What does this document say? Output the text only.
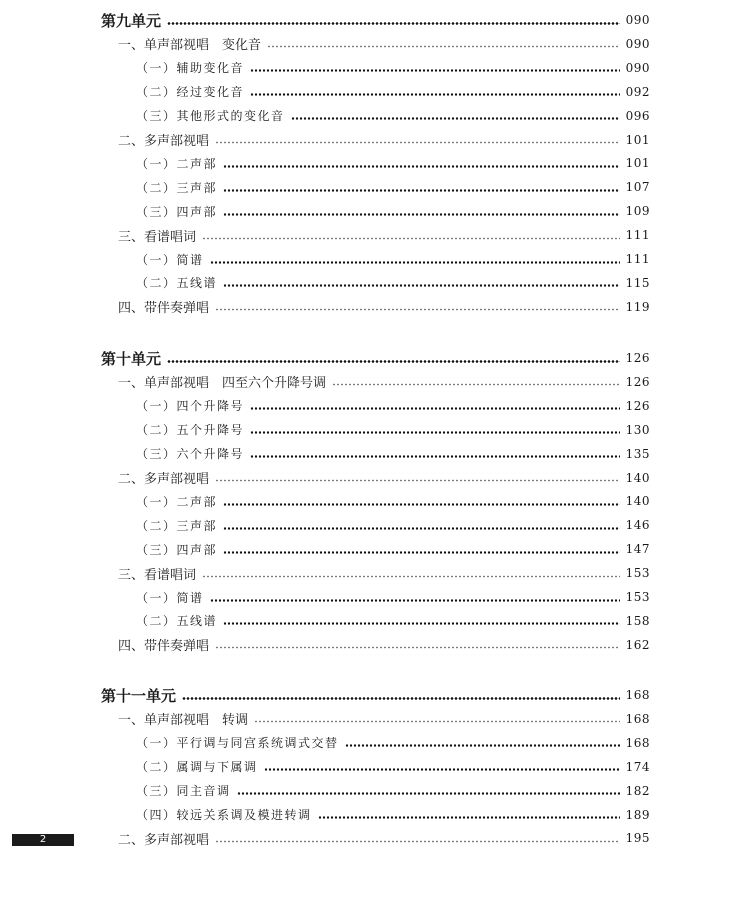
第九单元	090
一、单声部视唱　变化音	090
（一）辅助变化音	090
（二）经过变化音	092
（三）其他形式的变化音	096
二、多声部视唱	101
（一）二声部	101
（二）三声部	107
（三）四声部	109
三、看谱唱词	111
（一）简谱	111
（二）五线谱	115
四、带伴奏弹唱	119
第十单元	126
一、单声部视唱　四至六个升降号调	126
（一）四个升降号	126
（二）五个升降号	130
（三）六个升降号	135
二、多声部视唱	140
（一）二声部	140
（二）三声部	146
（三）四声部	147
三、看谱唱词	153
（一）简谱	153
（二）五线谱	158
四、带伴奏弹唱	162
第十一单元	168
一、单声部视唱　转调	168
（一）平行调与同宫系统调式交替	168
（二）属调与下属调	174
（三）同主音调	182
（四）较远关系调及模进转调	189
二、多声部视唱	195
2
